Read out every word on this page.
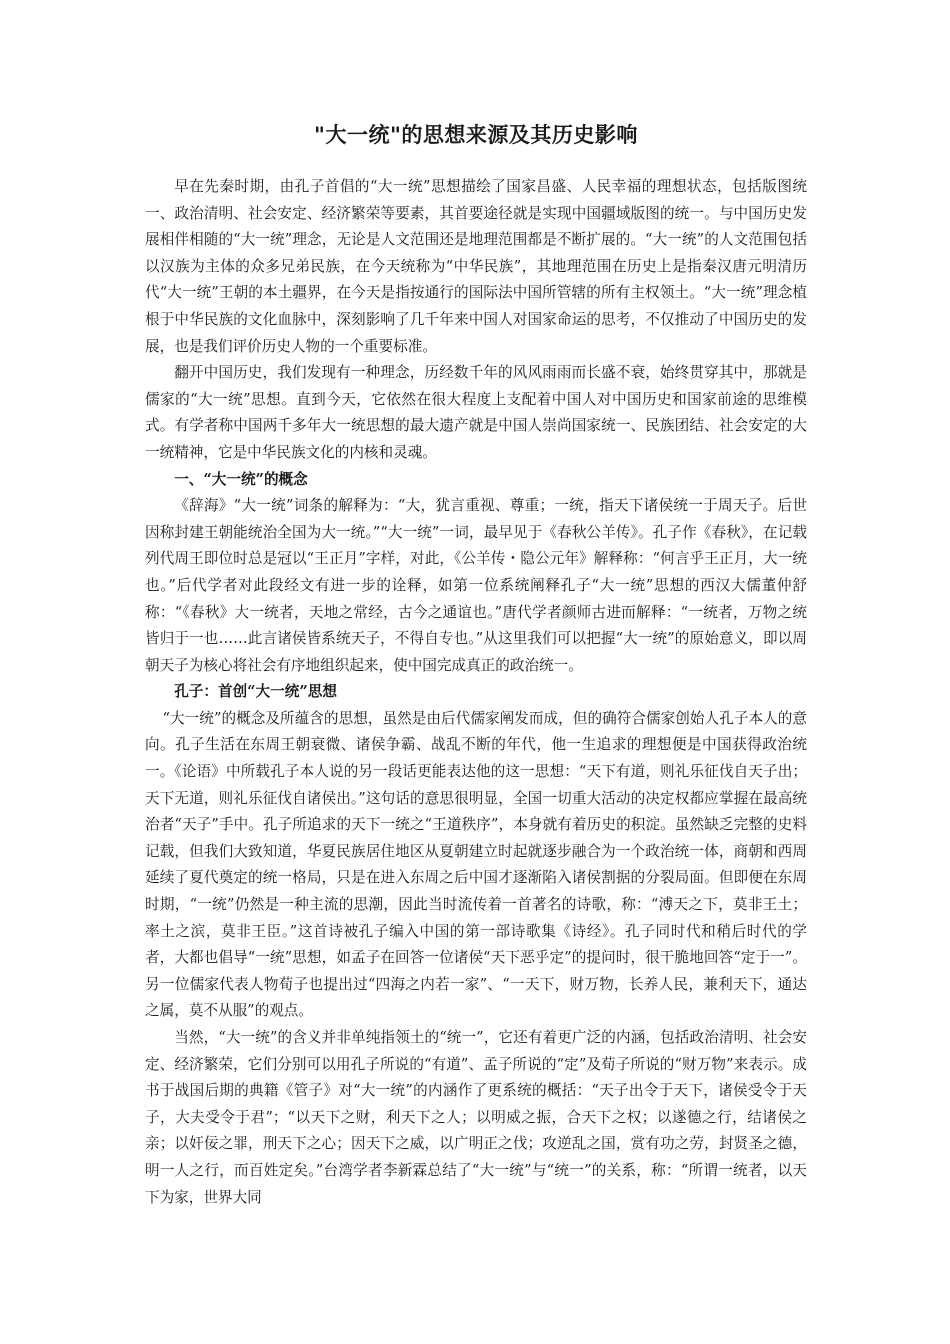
"大一统"的思想来源及其历史影响

早在先秦时期，由孔子首倡的“大一统”思想描绘了国家昌盛、人民幸福的理想状态，包括版图统一、政治清明、社会安定、经济繁荣等要素，其首要途径就是实现中国疆域版图的统一。与中国历史发展相伴相随的“大一统”理念，无论是人文范围还是地理范围都是不断扩展的。“大一统”的人文范围包括以汉族为主体的众多兄弟民族，在今天统称为“中华民族”，其地理范围在历史上是指秦汉唐元明清历代“大一统”王朝的本土疆界，在今天是指按通行的国际法中国所管辖的所有主权领土。“大一统”理念植根于中华民族的文化血脉中，深刻影响了几千年来中国人对国家命运的思考，不仅推动了中国历史的发展，也是我们评价历史人物的一个重要标准。

翻开中国历史，我们发现有一种理念，历经数千年的风风雨雨而长盛不衰，始终贯穿其中，那就是儒家的“大一统”思想。直到今天，它依然在很大程度上支配着中国人对中国历史和国家前途的思维模式。有学者称中国两千多年大一统思想的最大遗产就是中国人崇尚国家统一、民族团结、社会安定的大一统精神，它是中华民族文化的内核和灵魂。

一、“大一统”的概念

《辞海》“大一统”词条的解释为：“大，犹言重视、尊重；一统，指天下诸侯统一于周天子。后世因称封建王朝能统治全国为大一统。”“大一统”一词，最早见于《春秋公羊传》。孔子作《春秋》，在记载列代周王即位时总是冠以“王正月”字样，对此，《公羊传・隐公元年》解释称：“何言乎王正月，大一统也。”后代学者对此段经文有进一步的诠释，如第一位系统阐释孔子“大一统”思想的西汉大儒董仲舒称：“《春秋》大一统者，天地之常经，古今之通谊也。”唐代学者颜师古进而解释：“一统者，万物之统皆归于一也……此言诸侯皆系统天子，不得自专也。”从这里我们可以把握“大一统”的原始意义，即以周朝天子为核心将社会有序地组织起来，使中国完成真正的政治统一。

孔子：首创“大一统”思想

“大一统”的概念及所蕴含的思想，虽然是由后代儒家阐发而成，但的确符合儒家创始人孔子本人的意向。孔子生活在东周王朝衰微、诸侯争霸、战乱不断的年代，他一生追求的理想便是中国获得政治统一。《论语》中所载孔子本人说的另一段话更能表达他的这一思想：“天下有道，则礼乐征伐自天子出；天下无道，则礼乐征伐自诸侯出。”这句话的意思很明显，全国一切重大活动的决定权都应掌握在最高统治者“天子”手中。孔子所追求的天下一统之“王道秩序”，本身就有着历史的积淀。虽然缺乏完整的史料记载，但我们大致知道，华夏民族居住地区从夏朝建立时起就逐步融合为一个政治统一体，商朝和西周延续了夏代奠定的统一格局，只是在进入东周之后中国才逐渐陷入诸侯割据的分裂局面。但即便在东周时期，“一统”仍然是一种主流的思潮，因此当时流传着一首著名的诗歌，称：“溥天之下，莫非王土；率土之滨，莫非王臣。”这首诗被孔子编入中国的第一部诗歌集《诗经》。孔子同时代和稍后时代的学者，大都也倡导“一统”思想，如孟子在回答一位诸侯“天下恶乎定”的提问时，很干脆地回答“定于一”。另一位儒家代表人物荀子也提出过“四海之内若一家”、“一天下，财万物，长养人民，兼利天下，通达之属，莫不从服”的观点。

当然，“大一统”的含义并非单纯指领土的“统一”，它还有着更广泛的内涵，包括政治清明、社会安定、经济繁荣，它们分别可以用孔子所说的“有道”、孟子所说的“定”及荀子所说的“财万物”来表示。成书于战国后期的典籍《管子》对“大一统”的内涵作了更系统的概括：“天子出令于天下，诸侯受令于天子，大夫受令于君”；“以天下之财，利天下之人；以明威之振，合天下之权；以遂德之行，结诸侯之亲；以奸佞之罪，刑天下之心；因天下之威，以广明正之伐；攻逆乱之国，赏有功之劳，封贤圣之德，明一人之行，而百姓定矣。”台湾学者李新霖总结了“大一统”与“统一”的关系，称：“所谓一统者，以天下为家，世界大同
